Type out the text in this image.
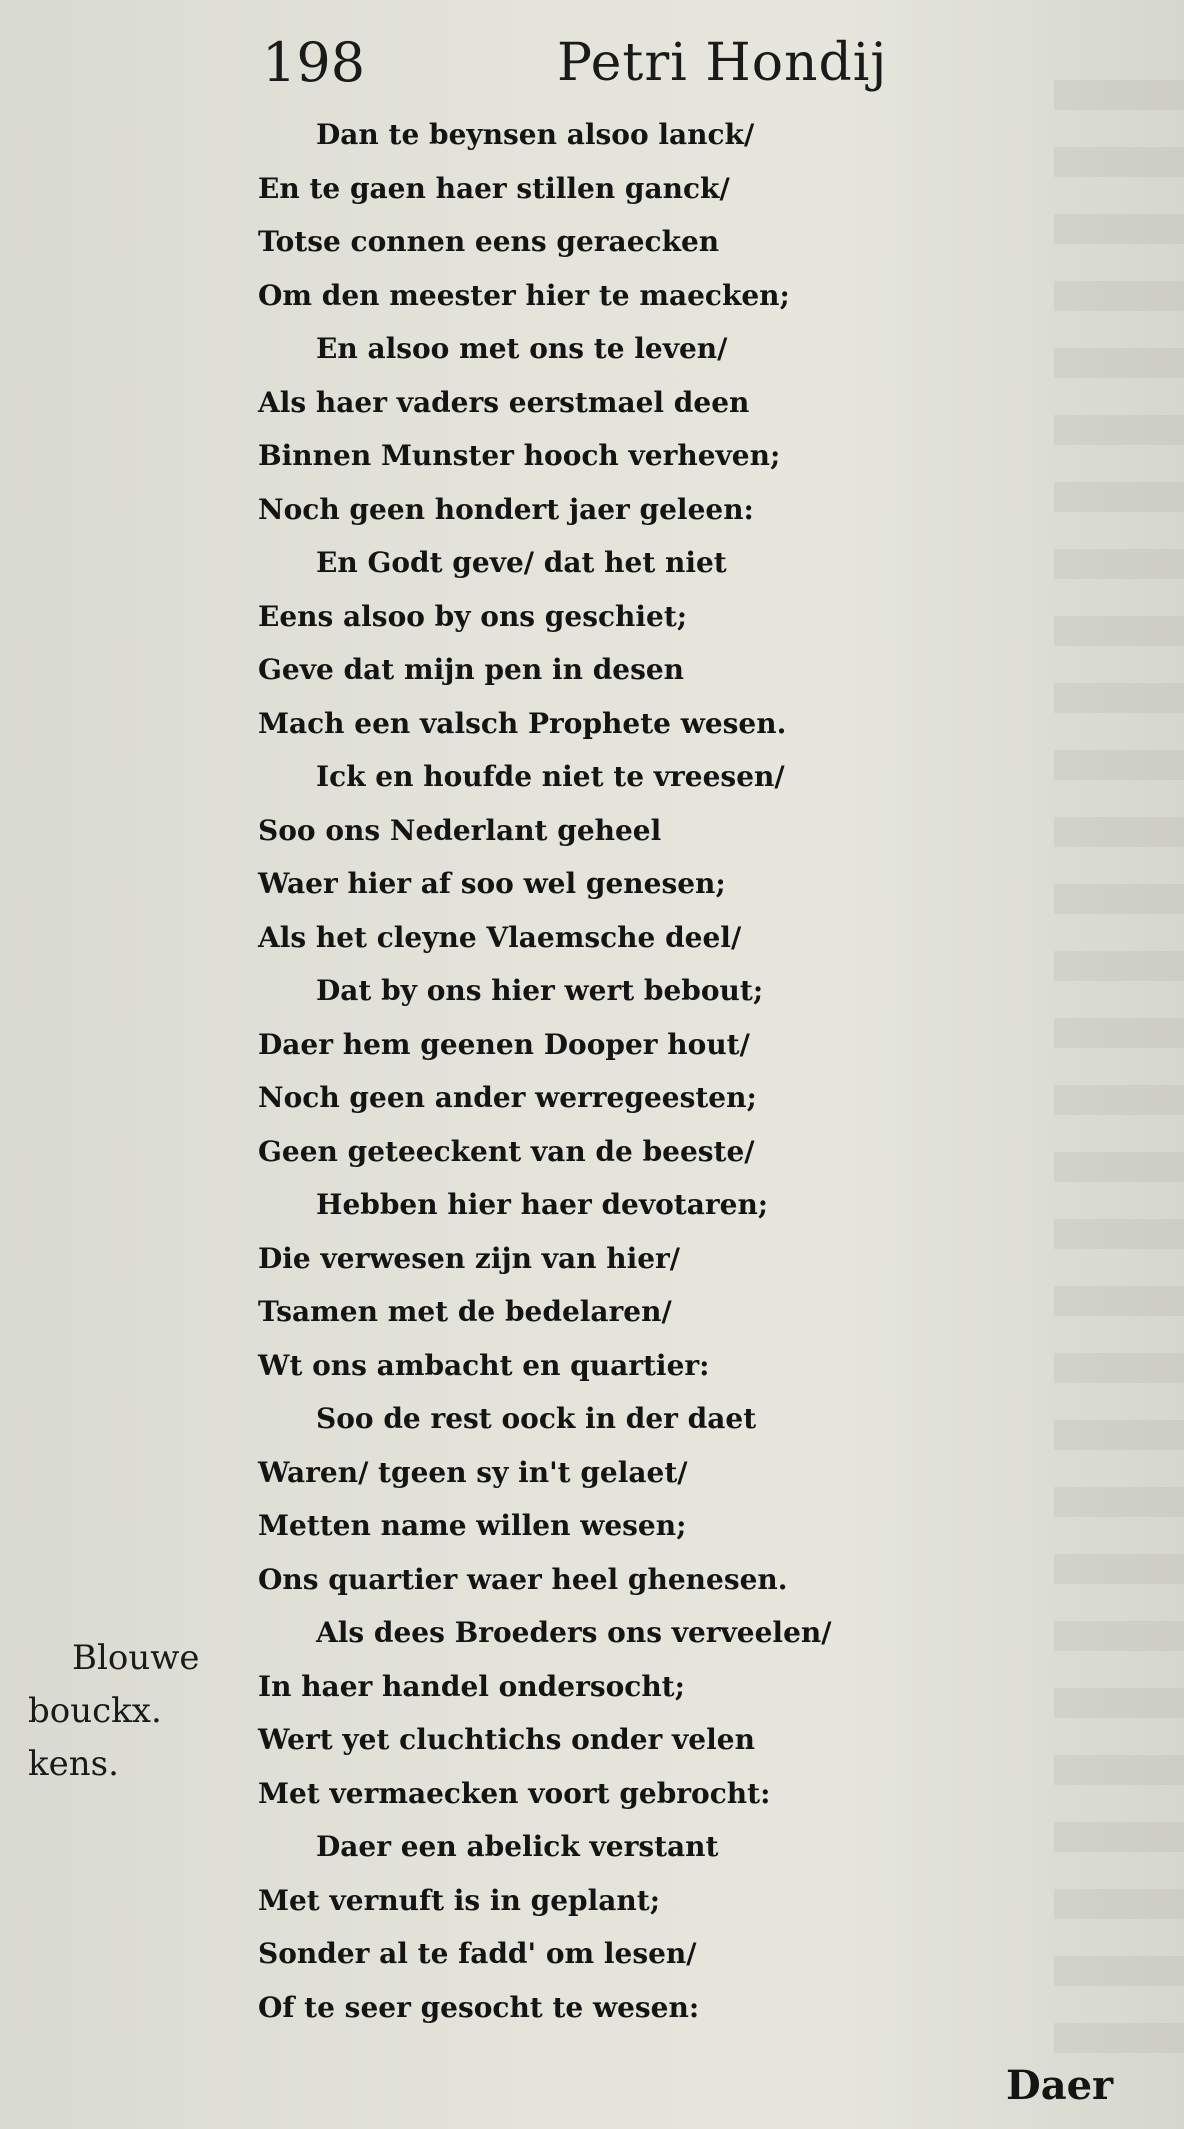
198	Petri Hondij
Dan te beynsen alsoo lanck/
En te gaen haer stillen ganck/
Totse connen eens geraecken
Om den meester hier te maecken;
En alsoo met ons te leven/
Als haer vaders eerstmael deen
Binnen Munster hooch verheven;
Noch geen hondert jaer geleen:
En Godt geve/ dat het niet
Eens alsoo by ons geschiet;
Geve dat mijn pen in desen
Mach een valsch Prophete wesen.
Ick en houfde niet te vreesen/
Soo ons Nederlant geheel
Waer hier af soo wel genesen;
Als het cleyne Vlaemsche deel/
Dat by ons hier wert bebout;
Daer hem geenen Dooper hout/
Noch geen ander werregeesten;
Geen geteeckent van de beeste/
Hebben hier haer devotaren;
Die verwesen zijn van hier/
Tsamen met de bedelaren/
Wt ons ambacht en quartier:
Soo de rest oock in der daet
Waren/ tgeen sy in't gelaet/
Metten name willen wesen;
Ons quartier waer heel ghenesen.
Als dees Broeders ons verveelen/
In haer handel ondersocht;
Wert yet cluchtichs onder velen
Met vermaecken voort gebrocht:
Daer een abelick verstant
Met vernuft is in geplant;
Sonder al te fadd' om lesen/
Of te seer gesocht te wesen:
Blouwe
bouckx.
kens.
Daer
